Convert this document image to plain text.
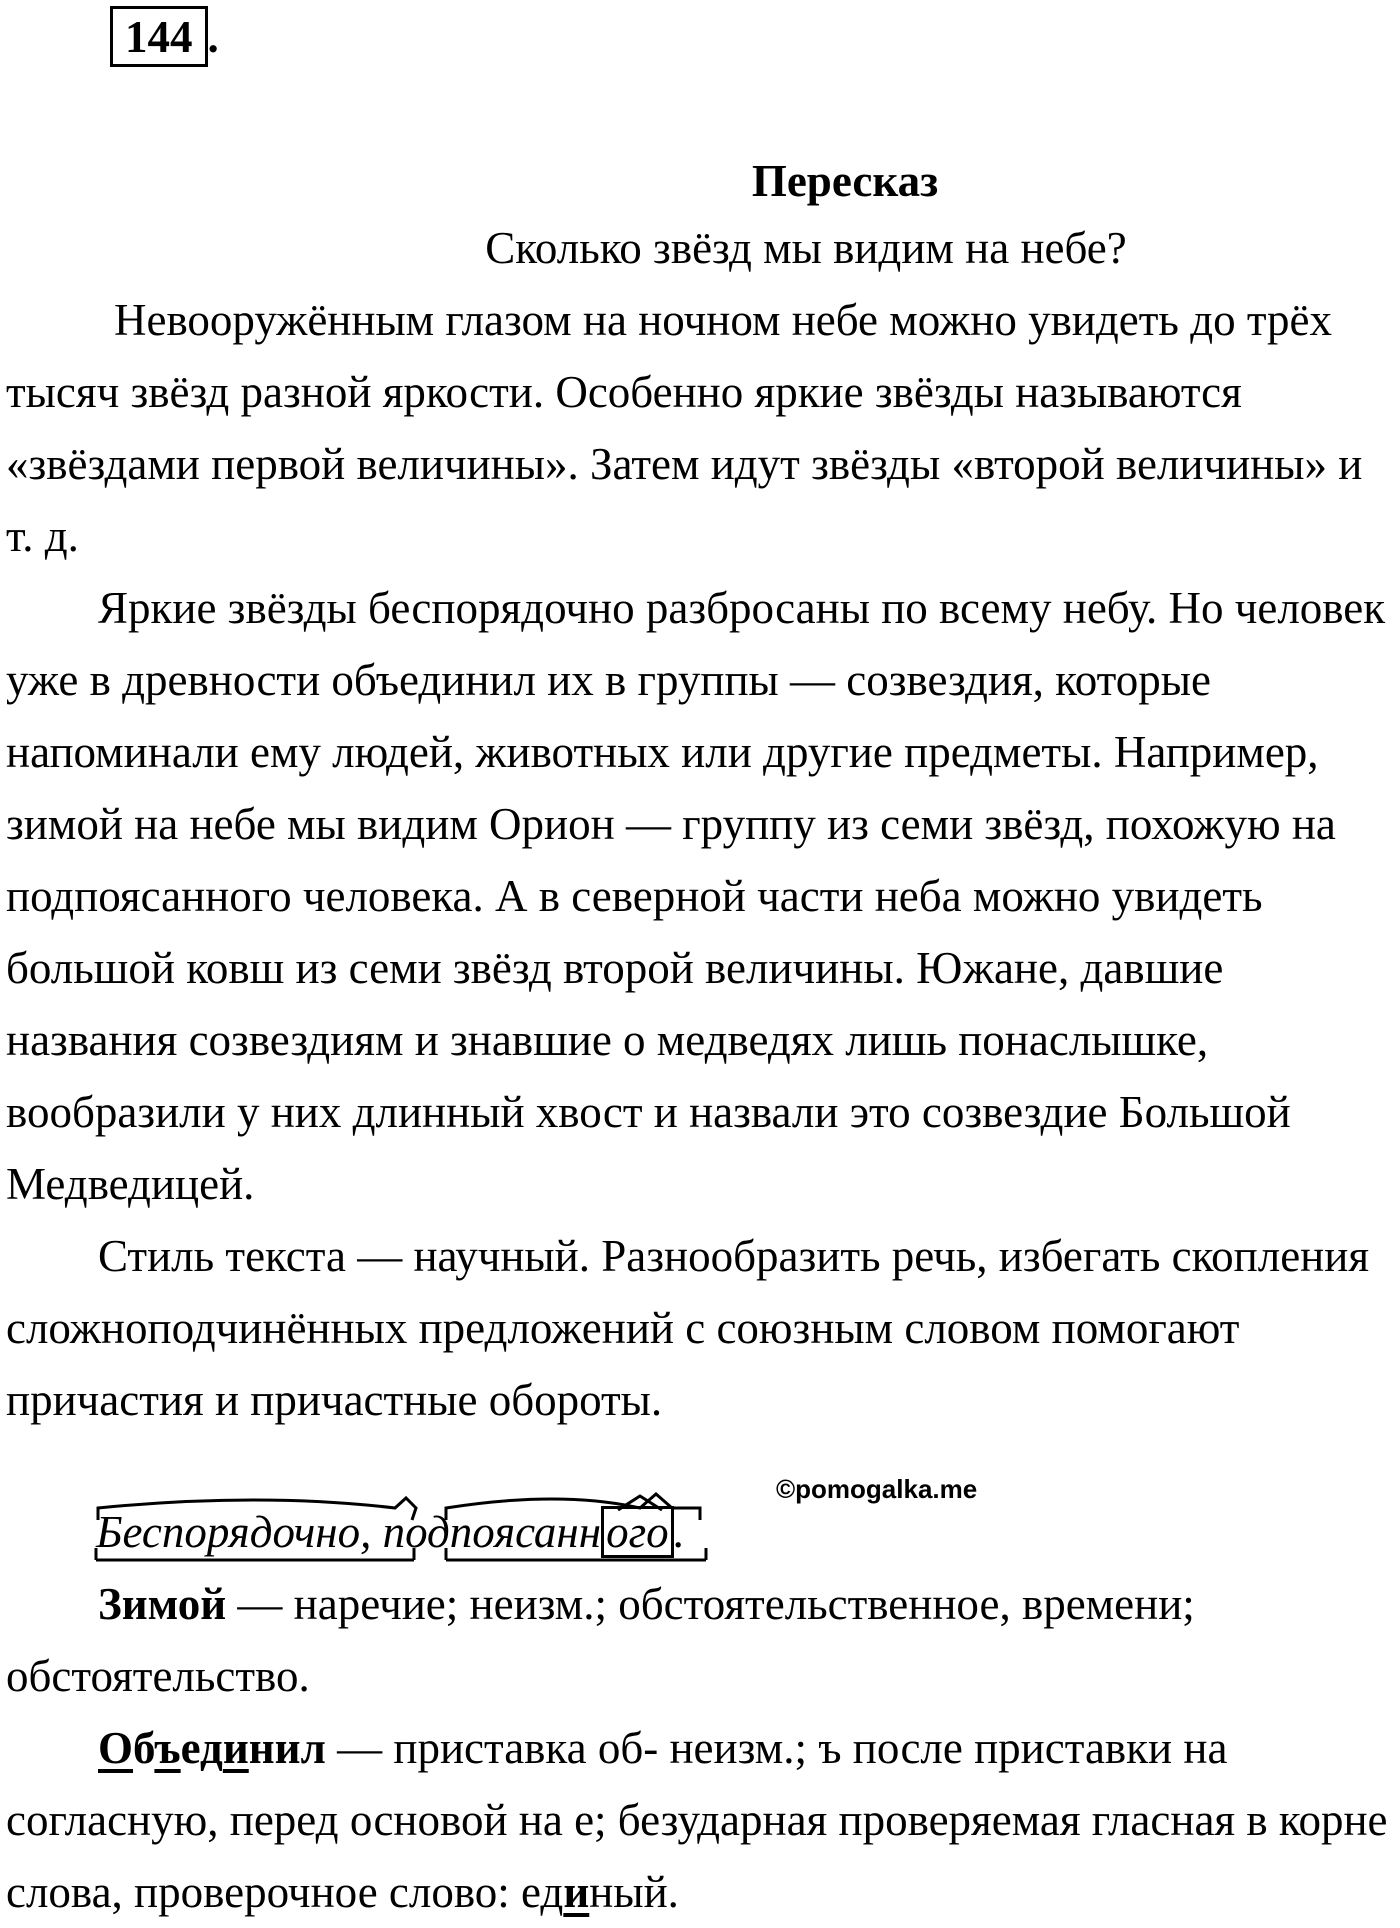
144 .
Пересказ
Сколько звёзд мы видим на небе?

Невооружённым глазом на ночном небе можно увидеть до трёх тысяч звёзд разной яркости. Особенно яркие звёзды называются «звёздами первой величины». Затем идут звёзды «второй величины» и т. д.

Яркие звёзды беспорядочно разбросаны по всему небу. Но человек уже в древности объединил их в группы — созвездия, которые напоминали ему людей, животных или другие предметы. Например, зимой на небе мы видим Орион — группу из семи звёзд, похожую на подпоясанного человека. А в северной части неба можно увидеть большой ковш из семи звёзд второй величины. Южане, давшие названия созвездиям и знавшие о медведях лишь понаслышке, вообразили у них длинный хвост и назвали это созвездие Большой Медведицей.

Стиль текста — научный. Разнообразить речь, избегать скопления сложноподчинённых предложений с союзным словом помогают причастия и причастные обороты.

©pomogalka.me
Беспорядочно, подпоясанн ого .

Зимой — наречие; неизм.; обстоятельственное, времени; обстоятельство.

Объединил — приставка об- неизм.; ъ после приставки на согласную, перед основой на е; безударная проверяемая гласная в корне слова, проверочное слово: единый.
